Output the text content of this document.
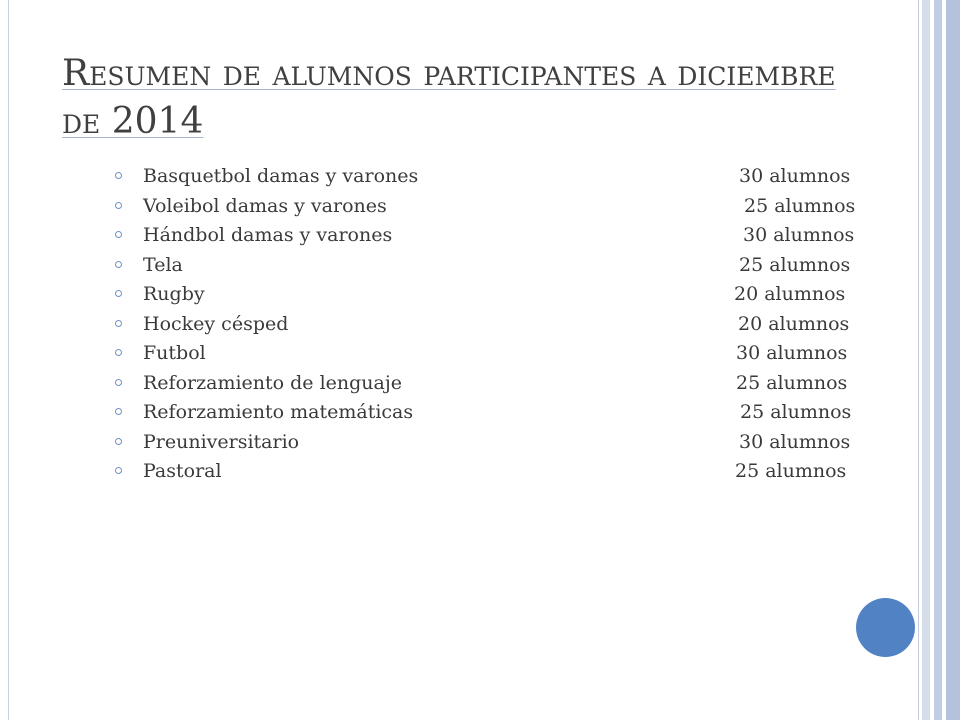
Resumen de alumnos participantes a diciembre de 2014
Basquetbol damas y varones	30 alumnos
Voleibol damas y varones	25 alumnos
Hándbol damas y varones	30 alumnos
Tela	25 alumnos
Rugby	20 alumnos
Hockey césped	20 alumnos
Futbol	30 alumnos
Reforzamiento de lenguaje	25 alumnos
Reforzamiento matemáticas	25 alumnos
Preuniversitario	30 alumnos
Pastoral	25 alumnos
